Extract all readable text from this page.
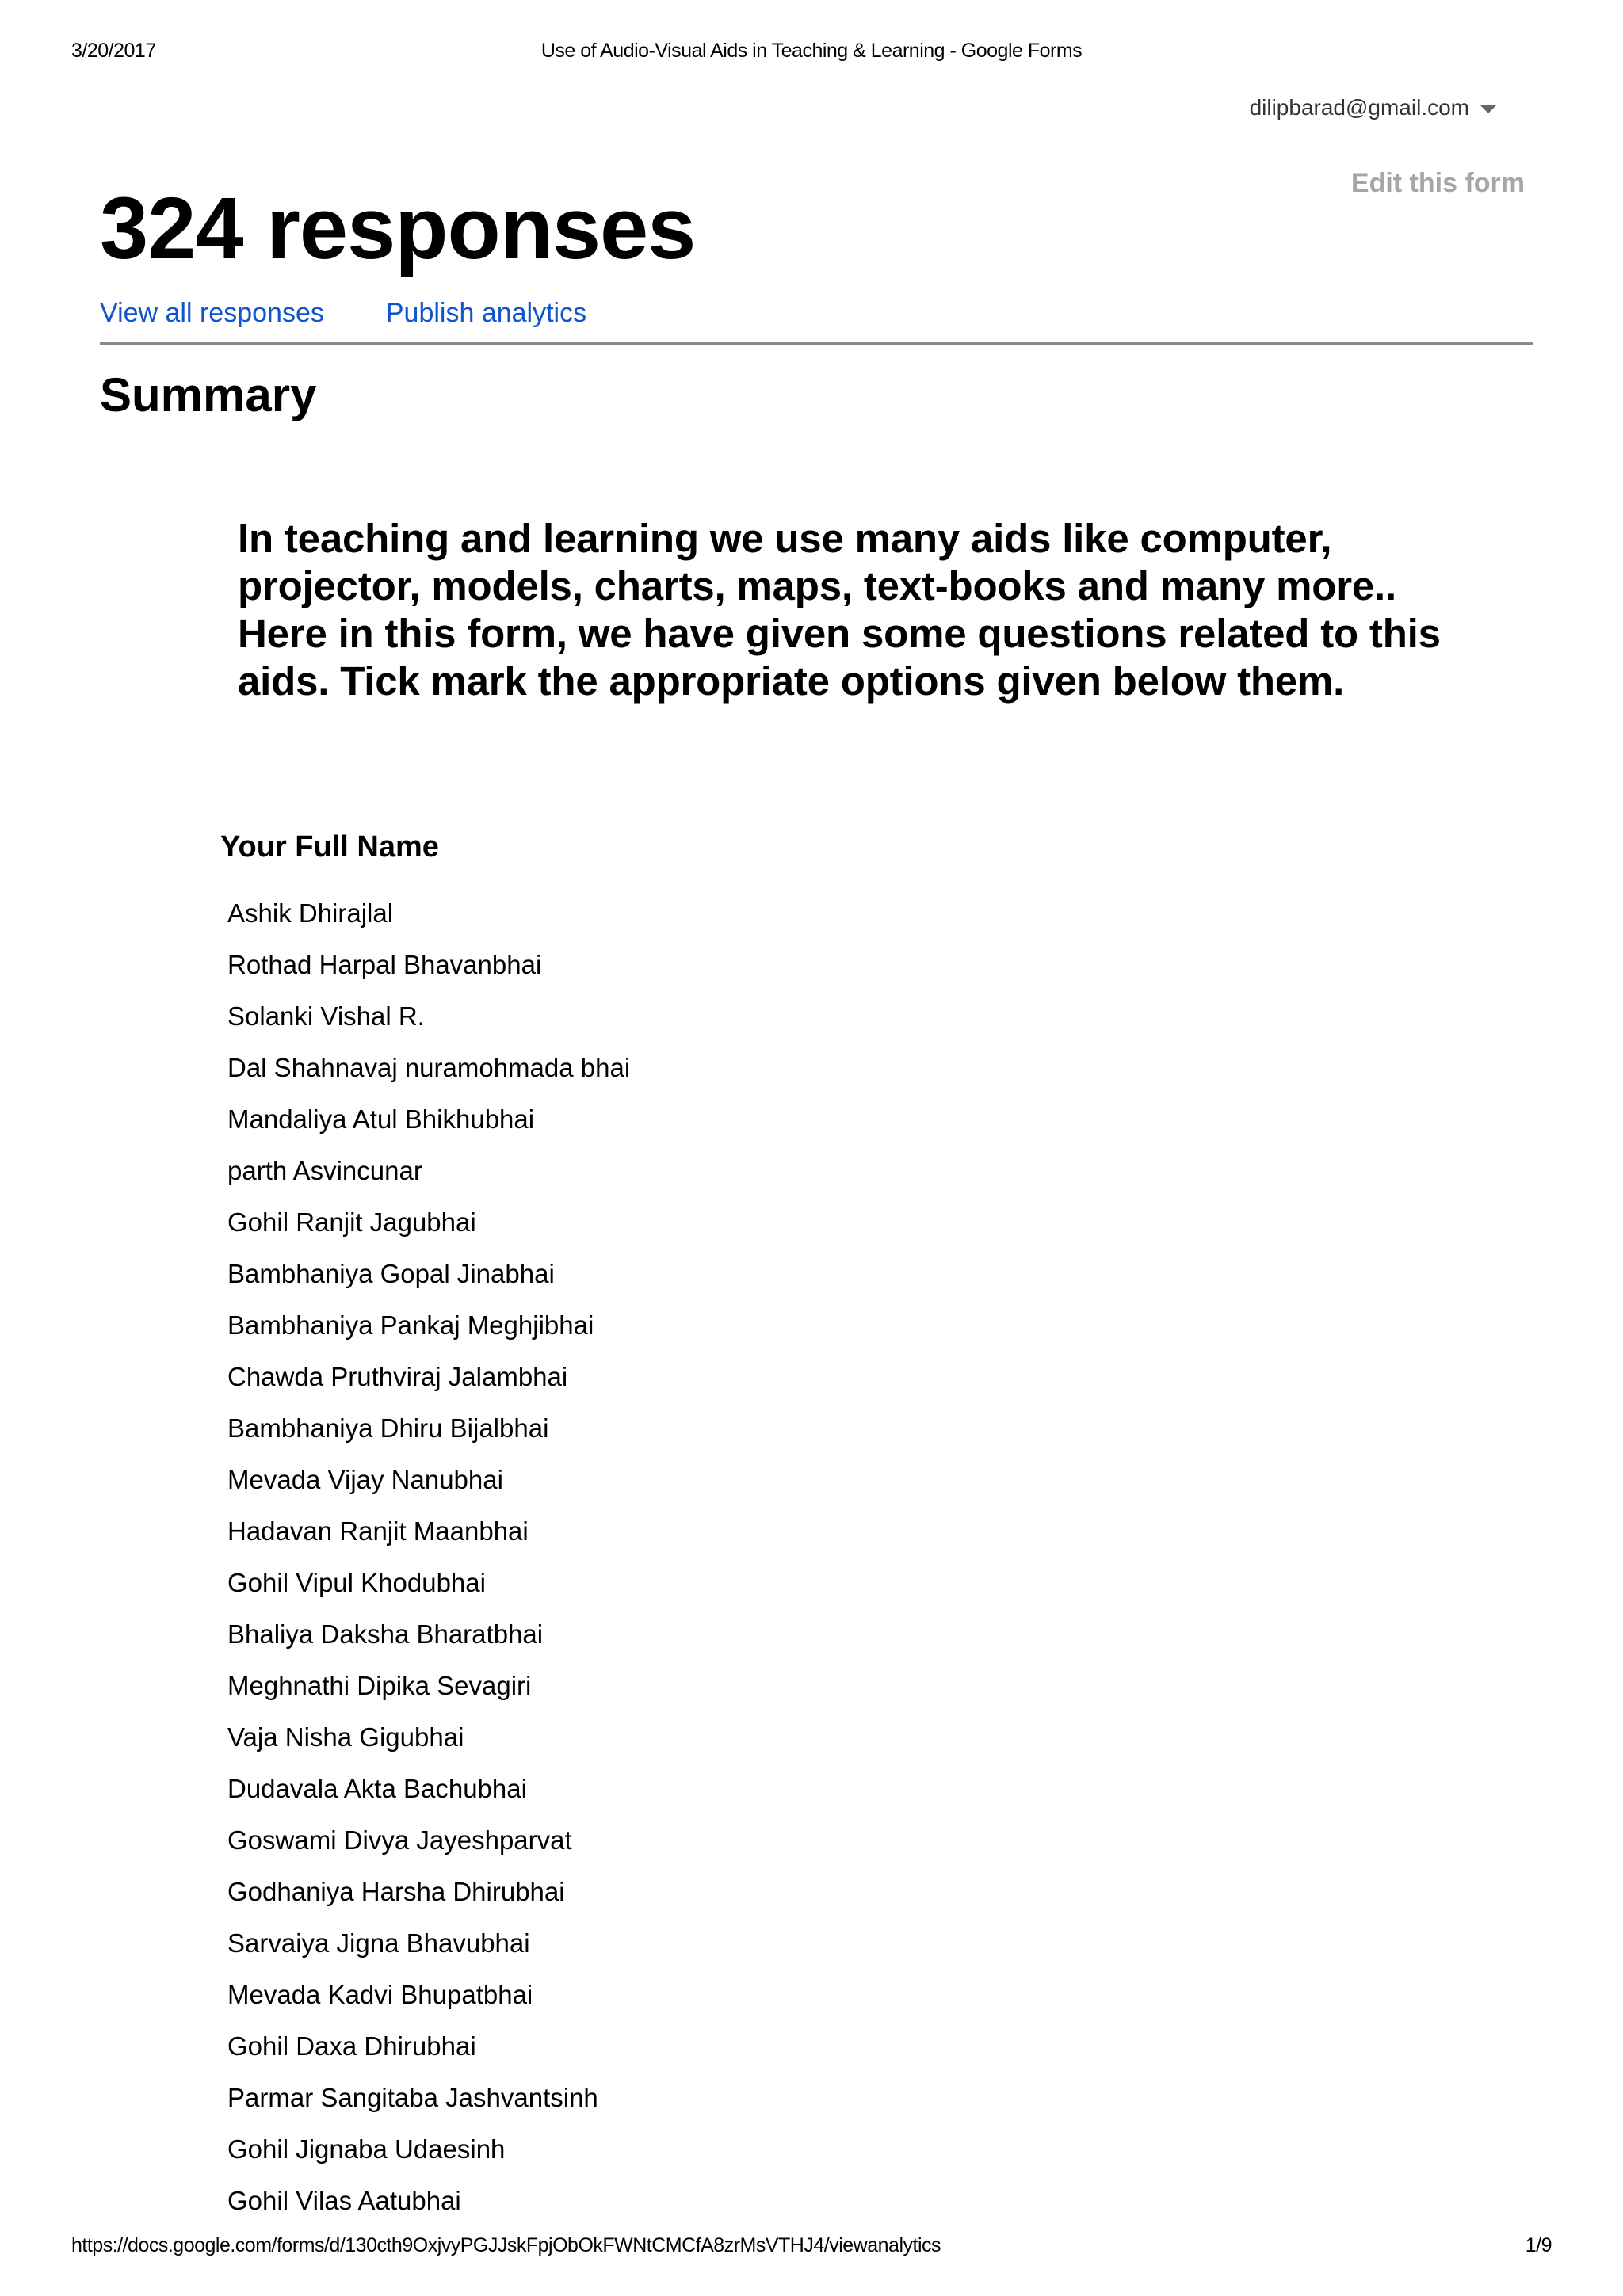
3/20/2017	Use of Audio-Visual Aids in Teaching & Learning - Google Forms
dilipbarad@gmail.com
Edit this form
324 responses
View all responses Publish analytics
Summary

In teaching and learning we use many aids like computer, projector, models, charts, maps, text-books and many more.. Here in this form, we have given some questions related to this aids. Tick mark the appropriate options given below them.

Your Full Name
Ashik Dhirajlal
Rothad Harpal Bhavanbhai
Solanki Vishal R.
Dal Shahnavaj nuramohmada bhai
Mandaliya Atul Bhikhubhai
parth Asvincunar
Gohil Ranjit Jagubhai
Bambhaniya Gopal Jinabhai
Bambhaniya Pankaj Meghjibhai
Chawda Pruthviraj Jalambhai
Bambhaniya Dhiru Bijalbhai
Mevada Vijay Nanubhai
Hadavan Ranjit Maanbhai
Gohil Vipul Khodubhai
Bhaliya Daksha Bharatbhai
Meghnathi Dipika Sevagiri
Vaja Nisha Gigubhai
Dudavala Akta Bachubhai
Goswami Divya Jayeshparvat
Godhaniya Harsha Dhirubhai
Sarvaiya Jigna Bhavubhai
Mevada Kadvi Bhupatbhai
Gohil Daxa Dhirubhai
Parmar Sangitaba Jashvantsinh
Gohil Jignaba Udaesinh
Gohil Vilas Aatubhai
https://docs.google.com/forms/d/130cth9OxjvyPGJJskFpjObOkFWNtCMCfA8zrMsVTHJ4/viewanalytics	1/9
